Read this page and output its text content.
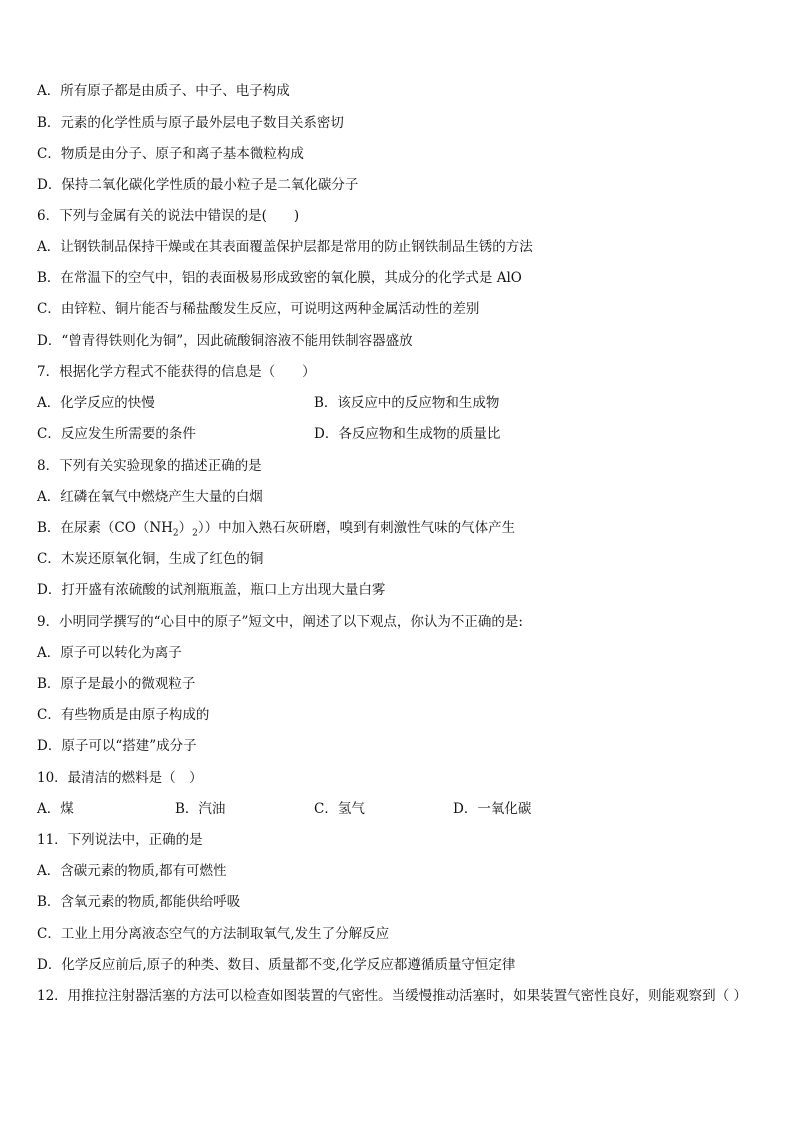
A．所有原子都是由质子、中子、电子构成
B．元素的化学性质与原子最外层电子数目关系密切
C．物质是由分子、原子和离子基本微粒构成
D．保持二氧化碳化学性质的最小粒子是二氧化碳分子
6．下列与金属有关的说法中错误的是(　　)
A．让钢铁制品保持干燥或在其表面覆盖保护层都是常用的防止钢铁制品生锈的方法
B．在常温下的空气中，铝的表面极易形成致密的氧化膜，其成分的化学式是 AlO
C．由锌粒、铜片能否与稀盐酸发生反应，可说明这两种金属活动性的差别
D．“曾青得铁则化为铜”，因此硫酸铜溶液不能用铁制容器盛放
7．根据化学方程式不能获得的信息是（　　）
A．化学反应的快慢	B．该反应中的反应物和生成物
C．反应发生所需要的条件	D．各反应物和生成物的质量比
8．下列有关实验现象的描述正确的是
A．红磷在氧气中燃烧产生大量的白烟
B．在尿素$(CO(NH_2)_2)$）中加入熟石灰研磨，嗅到有刺激性气味的气体产生
C．木炭还原氧化铜，生成了红色的铜
D．打开盛有浓硫酸的试剂瓶瓶盖，瓶口上方出现大量白雾
9．小明同学撰写的“心目中的原子”短文中，阐述了以下观点，你认为不正确的是:
A．原子可以转化为离子
B．原子是最小的微观粒子
C．有些物质是由原子构成的
D．原子可以“搭建”成分子
10．最清洁的燃料是（　）
A．煤	B．汽油	C．氢气	D．一氧化碳
11．下列说法中，正确的是
A．含碳元素的物质,都有可燃性
B．含氧元素的物质,都能供给呼吸
C．工业上用分离液态空气的方法制取氧气,发生了分解反应
D．化学反应前后,原子的种类、数目、质量都不变,化学反应都遵循质量守恒定律
12．用推拉注射器活塞的方法可以检查如图装置的气密性。当缓慢推动活塞时，如果装置气密性良好，则能观察到（ ）
